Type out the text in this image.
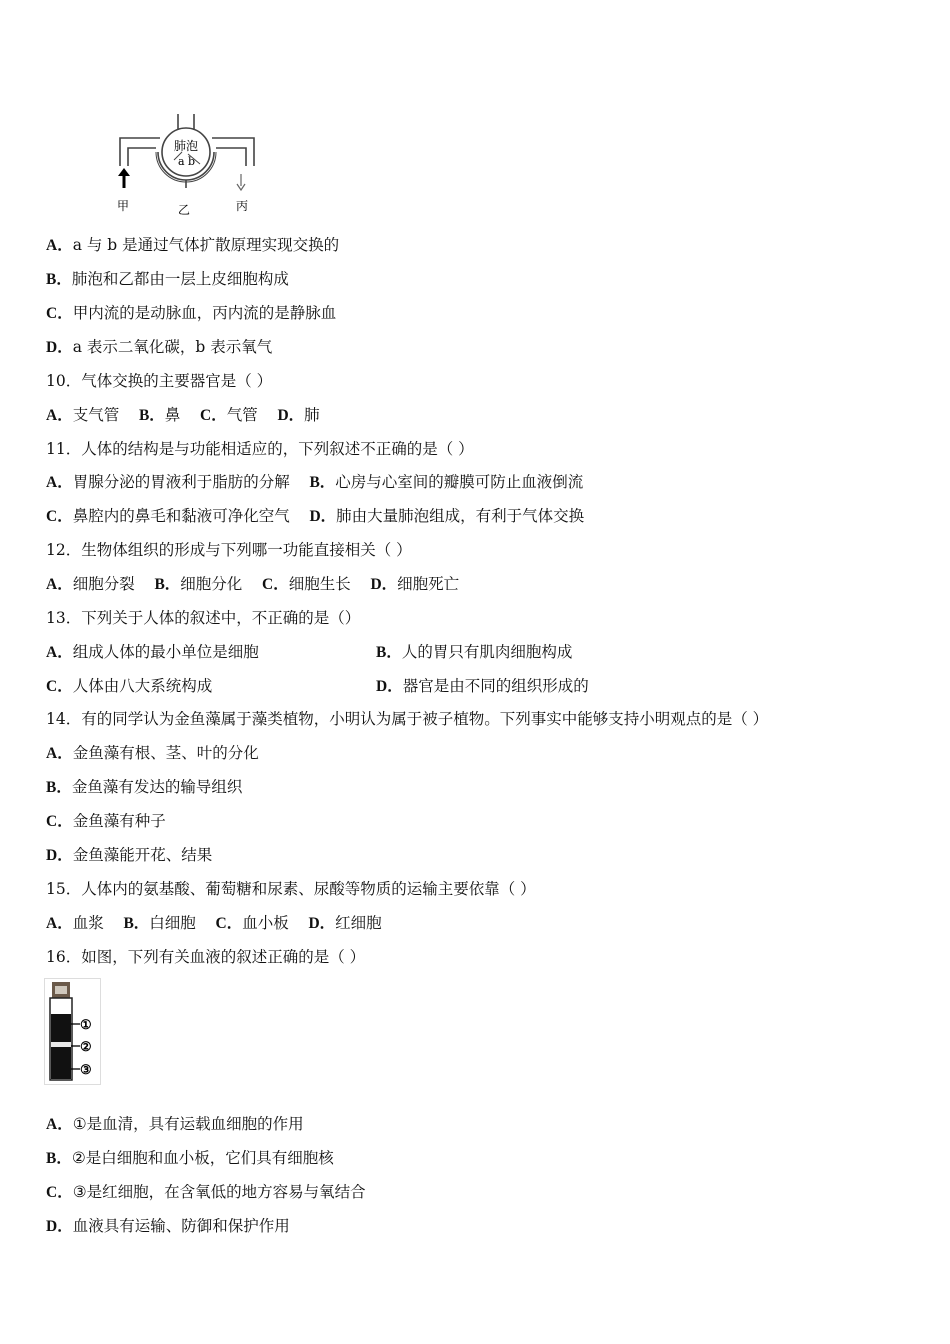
肺泡
a b
甲	乙	丙
A．a 与 b 是通过气体扩散原理实现交换的
B．肺泡和乙都由一层上皮细胞构成
C．甲内流的是动脉血，丙内流的是静脉血
D．a 表示二氧化碳，b 表示氧气
10．气体交换的主要器官是（ ）
A．支气管 B．鼻 C．气管 D．肺
11．人体的结构是与功能相适应的，下列叙述不正确的是（ ）
A．胃腺分泌的胃液利于脂肪的分解 B．心房与心室间的瓣膜可防止血液倒流
C．鼻腔内的鼻毛和黏液可净化空气 D．肺由大量肺泡组成，有利于气体交换
12．生物体组织的形成与下列哪一功能直接相关（ ）
A．细胞分裂 B．细胞分化 C．细胞生长 D．细胞死亡
13．下列关于人体的叙述中，不正确的是（）
A．组成人体的最小单位是细胞	B．人的胃只有肌肉细胞构成
C．人体由八大系统构成	D．器官是由不同的组织形成的
14．有的同学认为金鱼藻属于藻类植物，小明认为属于被子植物。下列事实中能够支持小明观点的是（ ）
A．金鱼藻有根、茎、叶的分化
B．金鱼藻有发达的输导组织
C．金鱼藻有种子
D．金鱼藻能开花、结果
15．人体内的氨基酸、葡萄糖和尿素、尿酸等物质的运输主要依靠（ ）
A．血浆 B．白细胞 C．血小板 D．红细胞
16．如图，下列有关血液的叙述正确的是（ ）
①
②
③
A．①是血清，具有运载血细胞的作用
B．②是白细胞和血小板，它们具有细胞核
C．③是红细胞，在含氧低的地方容易与氧结合
D．血液具有运输、防御和保护作用
